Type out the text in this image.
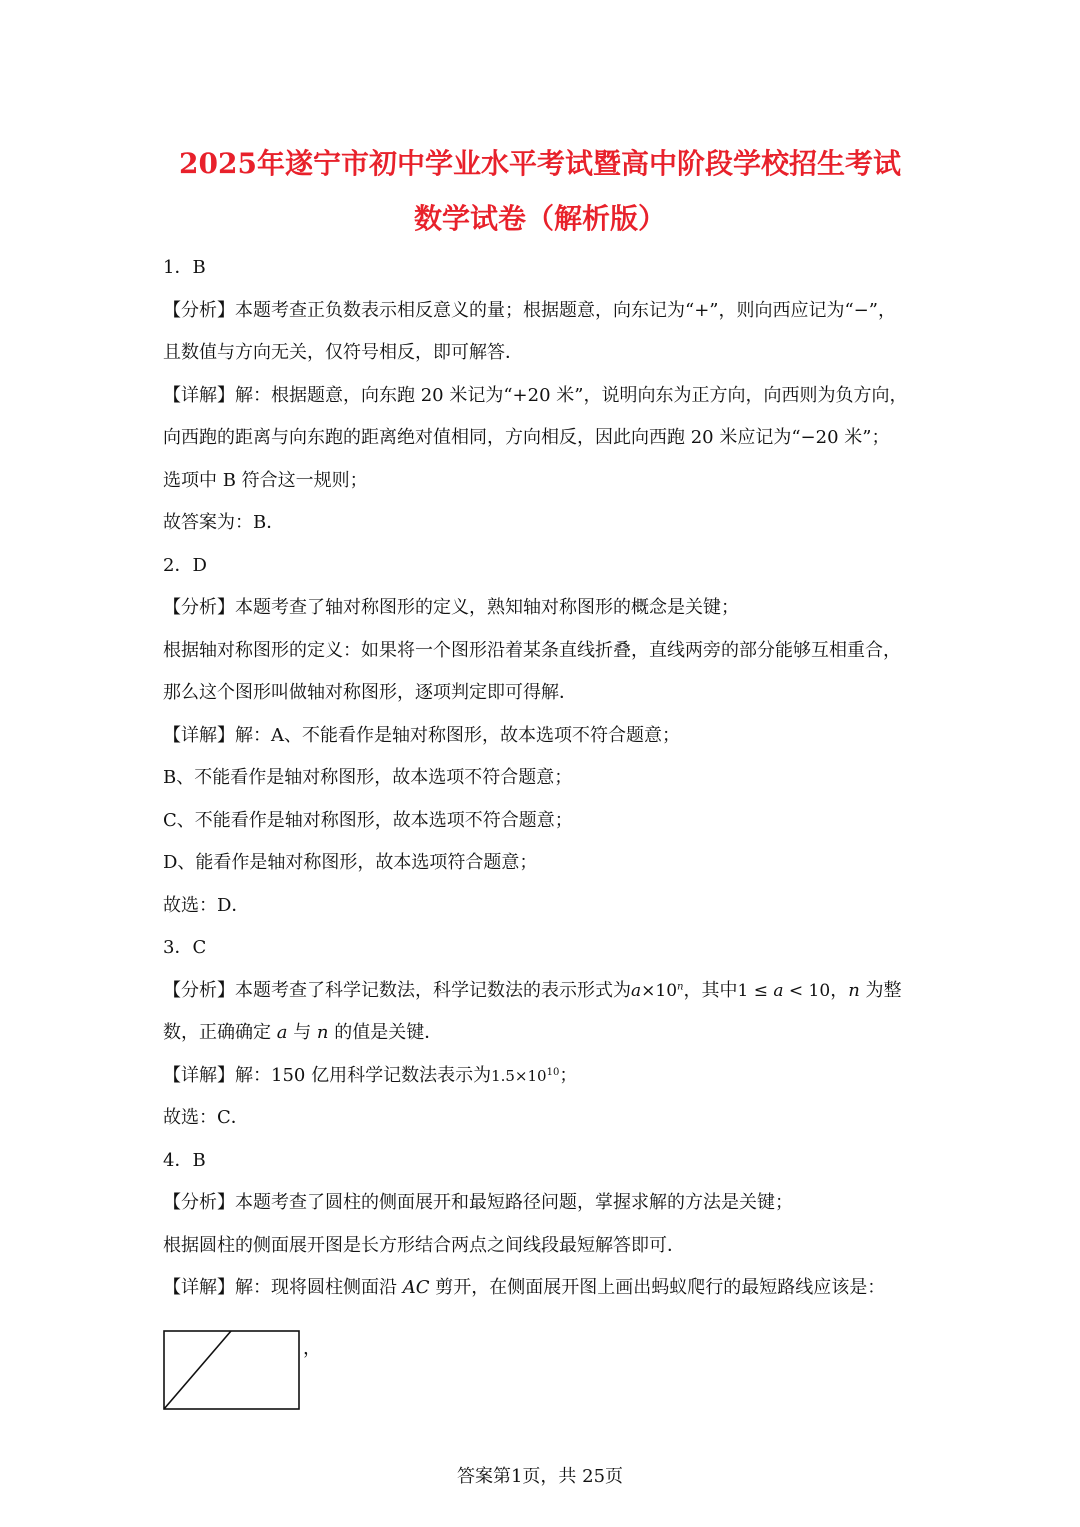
2025年遂宁市初中学业水平考试暨高中阶段学校招生考试
数学试卷（解析版）
1．B
【分析】本题考查正负数表示相反意义的量；根据题意，向东记为“+”，则向西应记为“−”，
且数值与方向无关，仅符号相反，即可解答．
【详解】解：根据题意，向东跑 20 米记为“+20 米”，说明向东为正方向，向西则为负方向，
向西跑的距离与向东跑的距离绝对值相同，方向相反，因此向西跑 20 米应记为“−20 米”；
选项中 B 符合这一规则；
故答案为：B．
2．D
【分析】本题考查了轴对称图形的定义，熟知轴对称图形的概念是关键；
根据轴对称图形的定义：如果将一个图形沿着某条直线折叠，直线两旁的部分能够互相重合，
那么这个图形叫做轴对称图形，逐项判定即可得解．
【详解】解：A、不能看作是轴对称图形，故本选项不符合题意；
B、不能看作是轴对称图形，故本选项不符合题意；
C、不能看作是轴对称图形，故本选项不符合题意；
D、能看作是轴对称图形，故本选项符合题意；
故选：D．
3．C
【分析】本题考查了科学记数法，科学记数法的表示形式为$a\times 10^n$，其中1 ≤ a < 10，n 为整
数，正确确定 a 与 n 的值是关键．
【详解】解：150 亿用科学记数法表示为$1.5\times 10^{10}$；
故选：C．
4．B
【分析】本题考查了圆柱的侧面展开和最短路径问题，掌握求解的方法是关键；
根据圆柱的侧面展开图是长方形结合两点之间线段最短解答即可．
【详解】解：现将圆柱侧面沿 AC 剪开，在侧面展开图上画出蚂蚁爬行的最短路线应该是：
，
答案第1页，共 25页
